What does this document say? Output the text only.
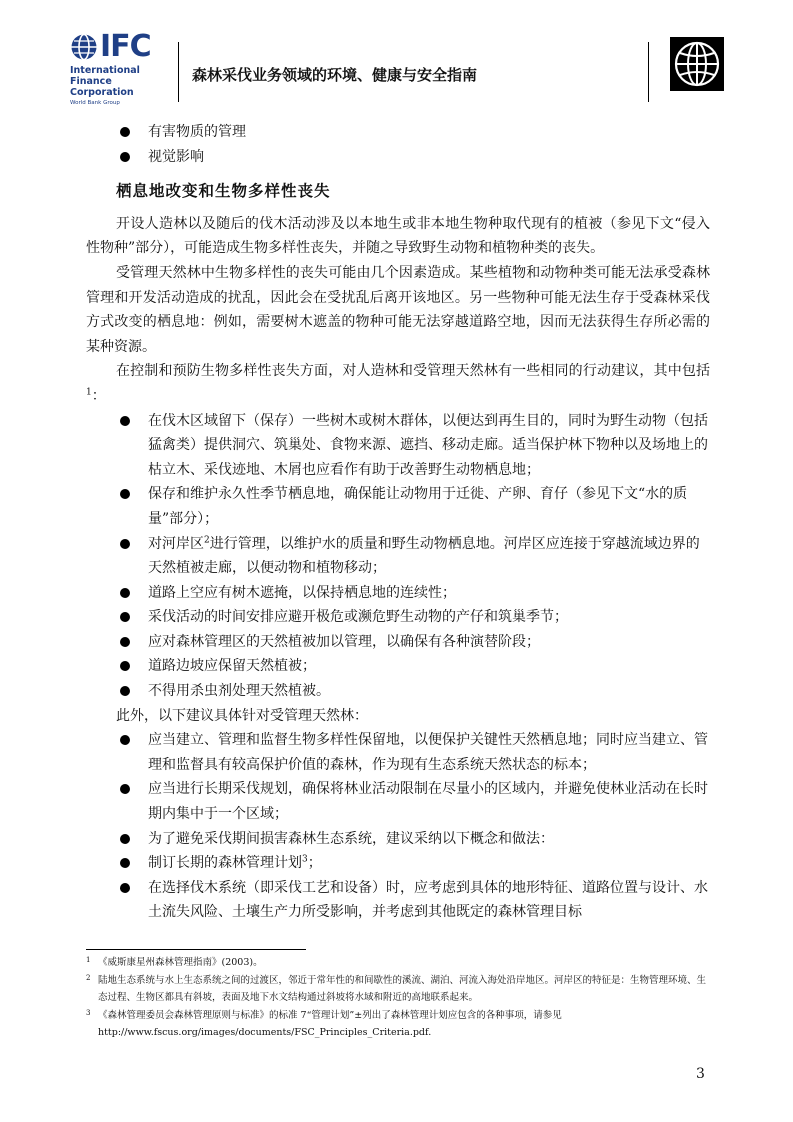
IFC
International
Finance
Corporation
World Bank Group
森林采伐业务领域的环境、健康与安全指南
有害物质的管理
视觉影响
栖息地改变和生物多样性丧失
开设人造林以及随后的伐木活动涉及以本地生或非本地生物种取代现有的植被（参见下文“侵入性物种”部分），可能造成生物多样性丧失，并随之导致野生动物和植物种类的丧失。
受管理天然林中生物多样性的丧失可能由几个因素造成。某些植物和动物种类可能无法承受森林管理和开发活动造成的扰乱，因此会在受扰乱后离开该地区。另一些物种可能无法生存于受森林采伐方式改变的栖息地：例如，需要树木遮盖的物种可能无法穿越道路空地，因而无法获得生存所必需的某种资源。
在控制和预防生物多样性丧失方面，对人造林和受管理天然林有一些相同的行动建议，其中包括$^1$：
在伐木区域留下（保存）一些树木或树木群体，以便达到再生目的，同时为野生动物（包括猛禽类）提供洞穴、筑巢处、食物来源、遮挡、移动走廊。适当保护林下物种以及场地上的枯立木、采伐迹地、木屑也应看作有助于改善野生动物栖息地；
保存和维护永久性季节栖息地，确保能让动物用于迁徙、产卵、育仔（参见下文“水的质量”部分）；
对河岸区$^2$进行管理，以维护水的质量和野生动物栖息地。河岸区应连接于穿越流域边界的天然植被走廊，以便动物和植物移动；
道路上空应有树木遮掩，以保持栖息地的连续性；
采伐活动的时间安排应避开极危或濒危野生动物的产仔和筑巢季节；
应对森林管理区的天然植被加以管理，以确保有各种演替阶段；
道路边坡应保留天然植被；
不得用杀虫剂处理天然植被。
此外，以下建议具体针对受管理天然林：
应当建立、管理和监督生物多样性保留地，以便保护关键性天然栖息地；同时应当建立、管理和监督具有较高保护价值的森林，作为现有生态系统天然状态的标本；
应当进行长期采伐规划，确保将林业活动限制在尽量小的区域内，并避免使林业活动在长时期内集中于一个区域；
为了避免采伐期间损害森林生态系统，建议采纳以下概念和做法：
制订长期的森林管理计划$^3$；
在选择伐木系统（即采伐工艺和设备）时，应考虑到具体的地形特征、道路位置与设计、水土流失风险、土壤生产力所受影响，并考虑到其他既定的森林管理目标
1 《威斯康星州森林管理指南》(2003)。
2 陆地生态系统与水上生态系统之间的过渡区，邻近于常年性的和间歇性的溪流、湖泊、河流入海处沿岸地区。河岸区的特征是：生物管理环境、生态过程、生物区都具有斜坡，表面及地下水文结构通过斜坡将水域和附近的高地联系起来。
3 《森林管理委员会森林管理原则与标准》的标准 7“管理计划”±列出了森林管理计划应包含的各种事项，请参见 http://www.fscus.org/images/documents/FSC_Principles_Criteria.pdf.
3
